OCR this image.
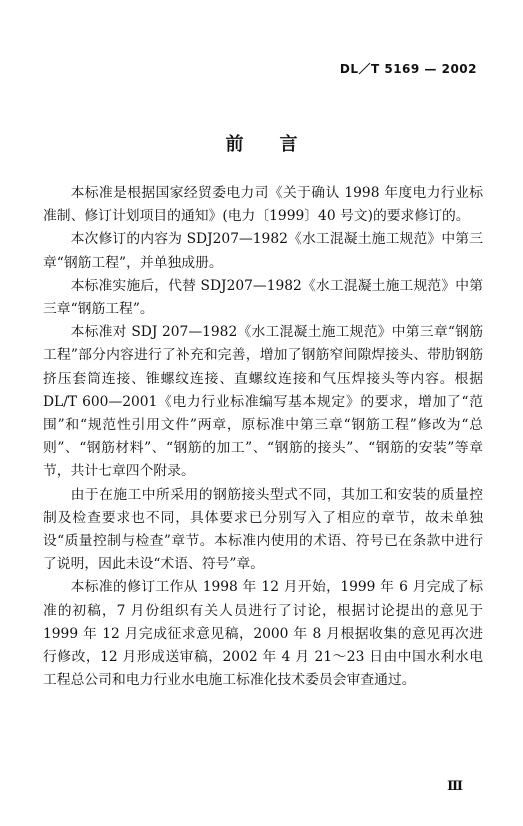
DL／T 5169 — 2002
前言

本标准是根据国家经贸委电力司《关于确认 1998 年度电力行业标准制、修订计划项目的通知》(电力〔1999〕40 号文)的要求修订的。

本次修订的内容为 SDJ207—1982《水工混凝土施工规范》中第三章“钢筋工程”，并单独成册。

本标准实施后，代替 SDJ207—1982《水工混凝土施工规范》中第三章“钢筋工程”。

本标准对 SDJ 207—1982《水工混凝土施工规范》中第三章“钢筋工程”部分内容进行了补充和完善，增加了钢筋窄间隙焊接头、带肋钢筋挤压套筒连接、锥螺纹连接、直螺纹连接和气压焊接头等内容。根据 DL/T 600—2001《电力行业标准编写基本规定》的要求，增加了“范围”和“规范性引用文件”两章，原标准中第三章“钢筋工程”修改为“总则”、“钢筋材料”、“钢筋的加工”、“钢筋的接头”、“钢筋的安装”等章节，共计七章四个附录。

由于在施工中所采用的钢筋接头型式不同，其加工和安装的质量控制及检查要求也不同，具体要求已分别写入了相应的章节，故未单独设“质量控制与检查”章节。本标准内使用的术语、符号已在条款中进行了说明，因此未设“术语、符号”章。

本标准的修订工作从 1998 年 12 月开始，1999 年 6 月完成了标准的初稿，7 月份组织有关人员进行了讨论，根据讨论提出的意见于 1999 年 12 月完成征求意见稿，2000 年 8 月根据收集的意见再次进行修改，12 月形成送审稿，2002 年 4 月 21～23 日由中国水利水电工程总公司和电力行业水电施工标准化技术委员会审查通过。

Ⅲ
